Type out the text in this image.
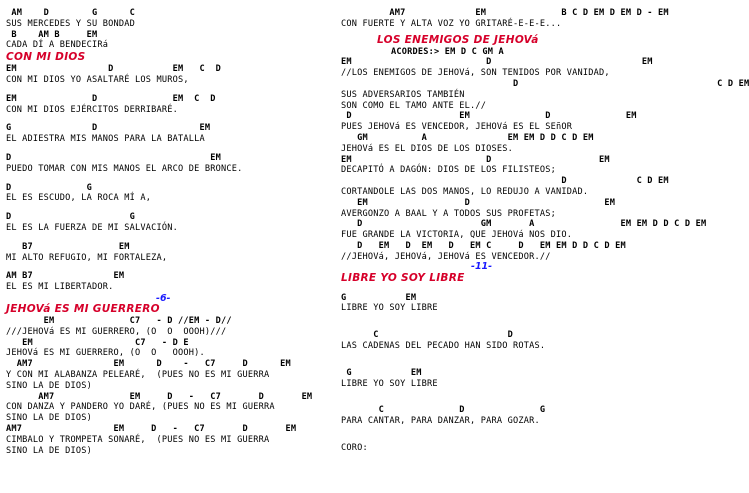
AM    D        G      C
SUS MERCEDES Y SU BONDAD
B    AM B     EM
CADA DÍ A BENDECIRá
CON MI DIOS
EM                 D           EM   C  D
CON MI DIOS YO ASALTARÉ LOS MUROS,
EM              D              EM  C  D
CON MI DIOS EJÉRCITOS DERRIBARÉ.
G               D                   EM
EL ADIESTRA MIS MANOS PARA LA BATALLA
D                                     EM
PUEDO TOMAR CON MIS MANOS EL ARCO DE BRONCE.
D              G
EL ES ESCUDO, LA ROCA MÍ A,
D                      G
EL ES LA FUERZA DE MI SALVACIÓN.
B7                EM
MI ALTO REFUGIO, MI FORTALEZA,
AM B7               EM
EL ES MI LIBERTADOR.
-6-
JEHOVá ES MI GUERRERO
EM              C7   - D //EM - D//
///JEHOVá ES MI GUERRERO, (O  O  OOOH)///
EM                   C7   - D E
JEHOVá ES MI GUERRERO, (O  O   OOOH).
AM7               EM      D    -   C7     D      EM
Y CON MI ALABANZA PELEARÉ,  (PUES NO ES MI GUERRA
SINO LA DE DIOS)
AM7              EM     D   -   C7       D       EM
CON DANZA Y PANDERO YO DARÉ, (PUES NO ES MI GUERRA
SINO LA DE DIOS)
AM7                 EM     D   -   C7       D       EM
CIMBALO Y TROMPETA SONARÉ,  (PUES NO ES MI GUERRA
SINO LA DE DIOS)
AM7             EM              B C D EM D EM D - EM
CON FUERTE Y ALTA VOZ YO GRITARÉ-E-E-E...
LOS ENEMIGOS DE JEHOVá
ACORDES:> EM D C GM A
EM                         D                            EM
//LOS ENEMIGOS DE JEHOVá, SON TENIDOS POR VANIDAD,
D                                     C D EM
SUS ADVERSARIOS TAMBIÉN
SON COMO EL TAMO ANTE EL.//
D                    EM              D              EM
PUES JEHOVá ES VENCEDOR, JEHOVá ES EL SEñOR
GM          A               EM EM D D C D EM
JEHOVá ES EL DIOS DE LOS DIOSES.
EM                         D                    EM
DECAPITÓ A DAGÓN: DIOS DE LOS FILISTEOS;
D             C D EM
CORTANDOLE LAS DOS MANOS, LO REDUJO A VANIDAD.
EM                  D                         EM
AVERGONZO A BAAL Y A TODOS SUS PROFETAS;
D                      GM       A                EM EM D D C D EM
FUE GRANDE LA VICTORIA, QUE JEHOVá NOS DIO.
D   EM   D  EM   D   EM C     D   EM EM D D C D EM
//JEHOVá, JEHOVá, JEHOVá ES VENCEDOR.//
-11-
LIBRE YO SOY LIBRE
G           EM
LIBRE YO SOY LIBRE
C                        D
LAS CADENAS DEL PECADO HAN SIDO ROTAS.
G           EM
LIBRE YO SOY LIBRE
C              D              G
PARA CANTAR, PARA DANZAR, PARA GOZAR.
CORO:
